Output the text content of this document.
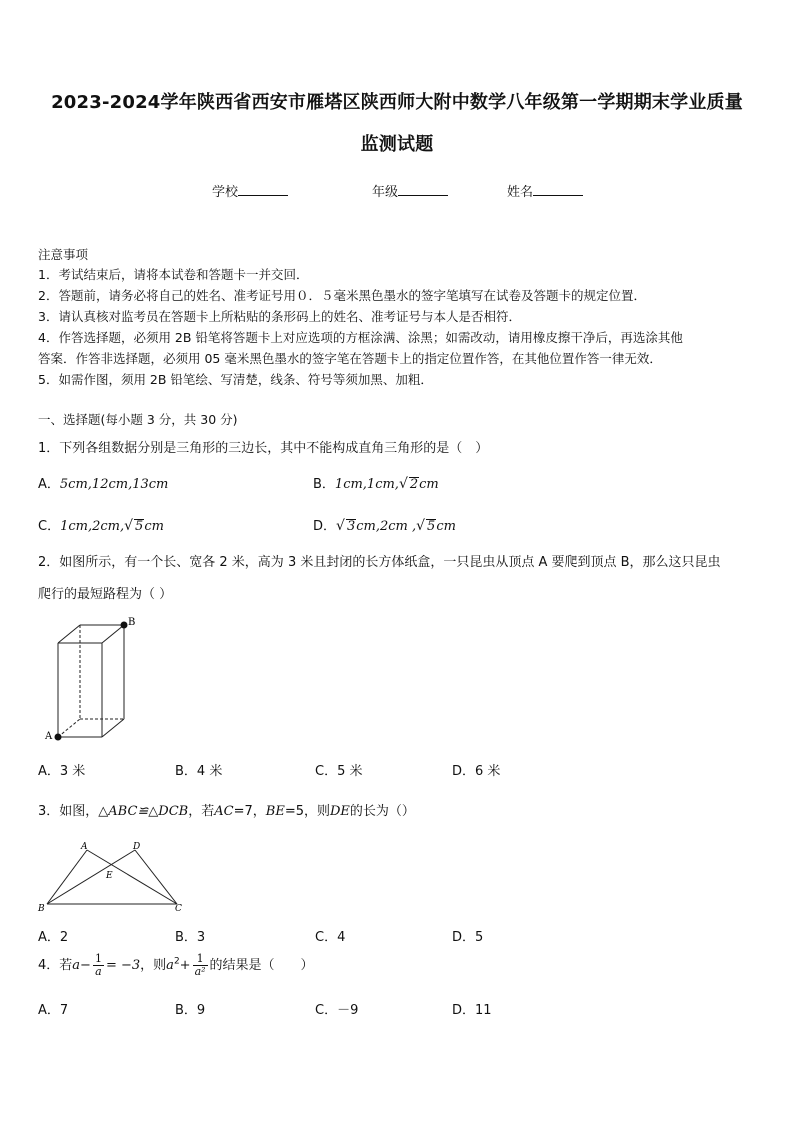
2023-2024学年陕西省西安市雁塔区陕西师大附中数学八年级第一学期期末学业质量
监测试题
学校	年级	姓名
注意事项
1．考试结束后，请将本试卷和答题卡一并交回．
2．答题前，请务必将自己的姓名、准考证号用０．５毫米黑色墨水的签字笔填写在试卷及答题卡的规定位置．
3．请认真核对监考员在答题卡上所粘贴的条形码上的姓名、准考证号与本人是否相符．
4．作答选择题，必须用 2B 铅笔将答题卡上对应选项的方框涂满、涂黑；如需改动，请用橡皮擦干净后，再选涂其他
答案．作答非选择题，必须用 05 毫米黑色墨水的签字笔在答题卡上的指定位置作答，在其他位置作答一律无效．
5．如需作图，须用 2B 铅笔绘、写清楚，线条、符号等须加黑、加粗．
一、选择题(每小题 3 分，共 30 分)
1．下列各组数据分别是三角形的三边长，其中不能构成直角三角形的是（　）
A．5cm,12cm,13cm	B．1cm,1cm,√ 2cm
C．1cm,2cm,√ 5cm	D．√ 3cm,2cm ,√ 5cm
2．如图所示，有一个长、宽各 2 米，高为 3 米且封闭的长方体纸盒，一只昆虫从顶点 A 要爬到顶点 B，那么这只昆虫
爬行的最短路程为（ ）
B
A
A．3 米	B．4 米	C．5 米	D．6 米
3．如图，△ABC≌△DCB，若AC=7，BE=5，则DE的长为（）
A	D
B	C
E
A．2	B．3	C．4	D．5
4．若$a- \frac{1}{a} = -3$，则$a^2+ \frac{1}{\text{a²}}$ 的结果是（　　）
A．7	B．9	C．－9	D．11
